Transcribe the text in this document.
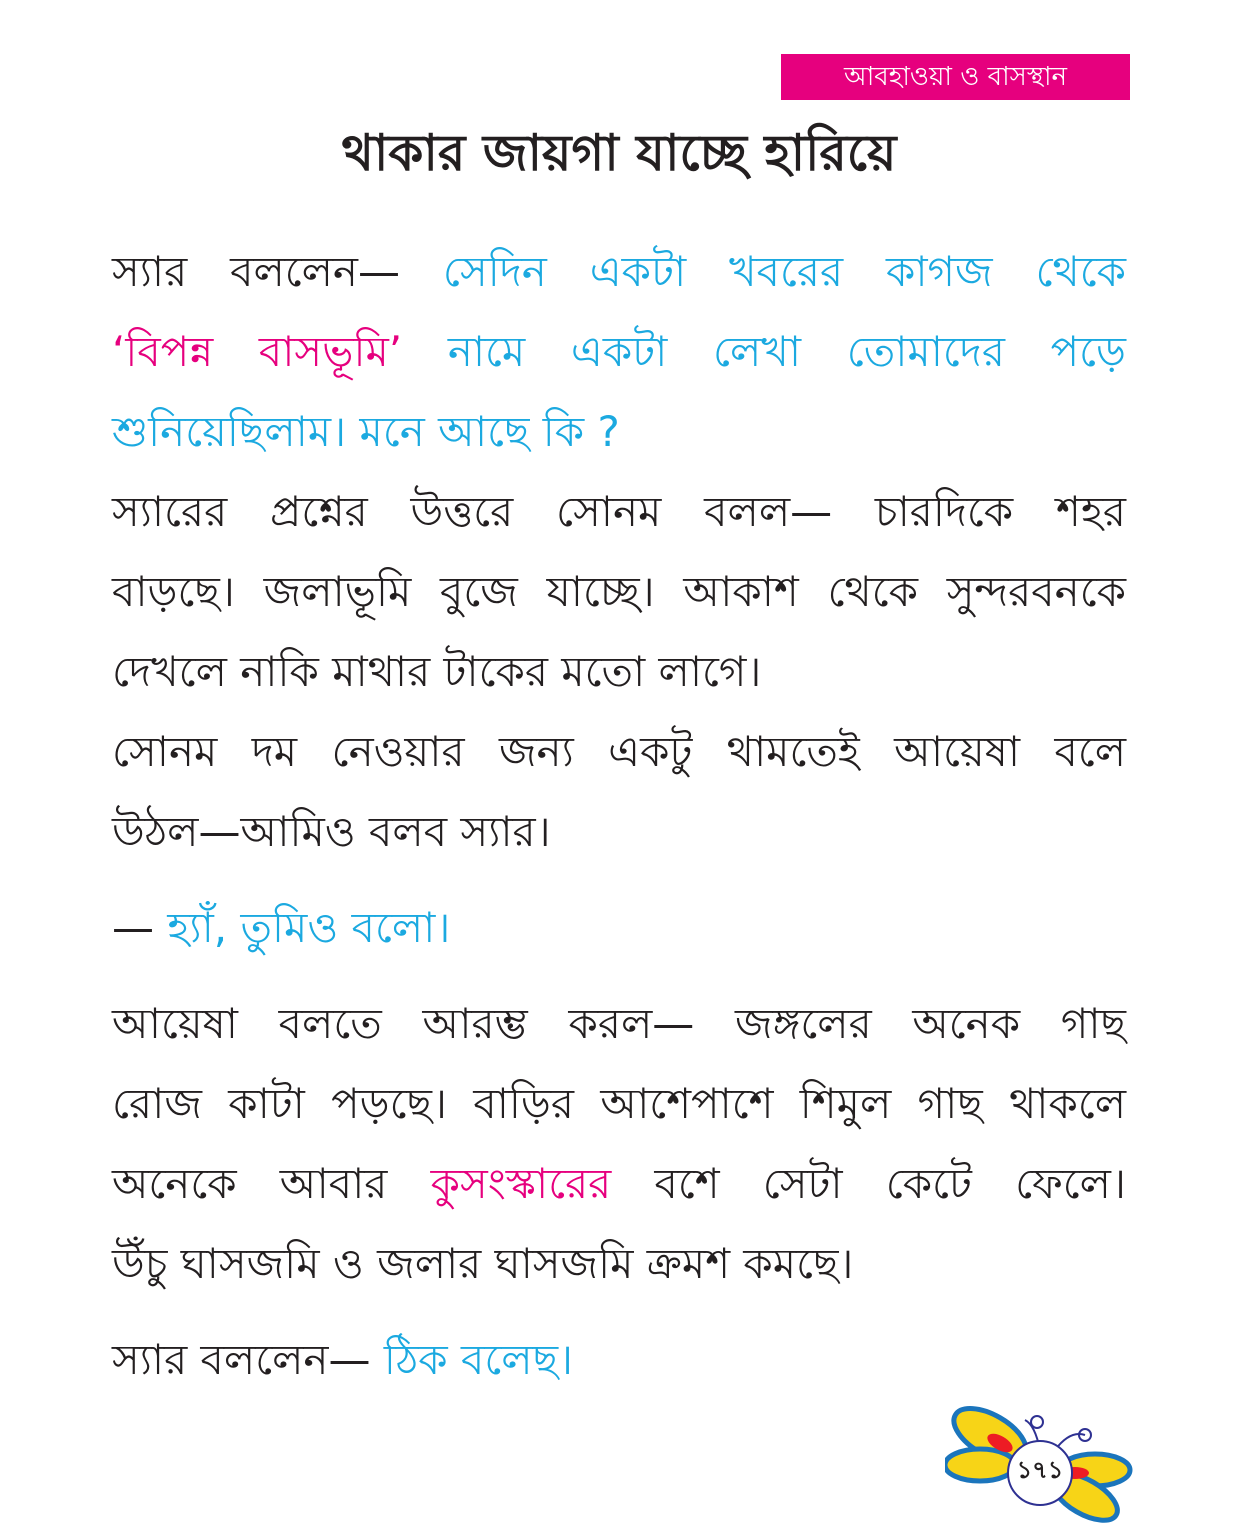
আবহাওয়া ও বাসস্থান
থাকার জায়গা যাচ্ছে হারিয়ে
স্যার বললেন— সেদিন একটা খবরের কাগজ থেকে
‘বিপন্ন বাসভূমি’ নামে একটা লেখা তোমাদের পড়ে
শুনিয়েছিলাম। মনে আছে কি ?
স্যারের প্রশ্নের উত্তরে সোনম বলল— চারদিকে শহর
বাড়ছে। জলাভূমি বুজে যাচ্ছে। আকাশ থেকে সুন্দরবনকে
দেখলে নাকি মাথার টাকের মতো লাগে।
সোনম দম নেওয়ার জন্য একটু থামতেই আয়েষা বলে
উঠল—আমিও বলব স্যার।
— হ্যাঁ, তুমিও বলো।
আয়েষা বলতে আরম্ভ করল— জঙ্গলের অনেক গাছ
রোজ কাটা পড়ছে। বাড়ির আশেপাশে শিমুল গাছ থাকলে
অনেকে আবার কুসংস্কারের বশে সেটা কেটে ফেলে।
উঁচু ঘাসজমি ও জলার ঘাসজমি ক্রমশ কমছে।
স্যার বললেন— ঠিক বলেছ।
১৭১
